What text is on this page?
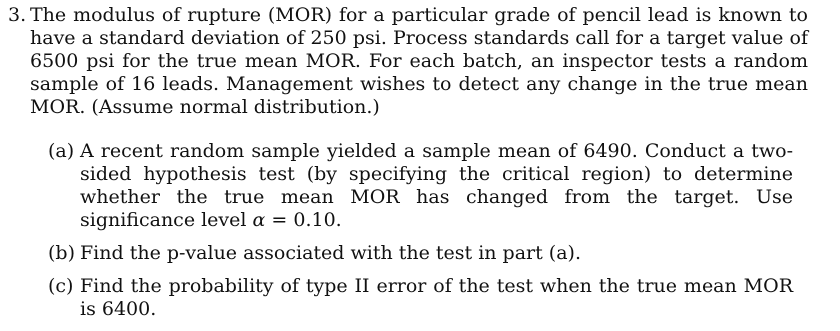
3. The modulus of rupture (MOR) for a particular grade of pencil lead is known to have a standard deviation of 250 psi. Process standards call for a target value of 6500 psi for the true mean MOR. For each batch, an inspector tests a random sample of 16 leads. Management wishes to detect any change in the true mean MOR. (Assume normal distribution.)
(a) A recent random sample yielded a sample mean of 6490. Conduct a two-sided hypothesis test (by specifying the critical region) to determine whether the true mean MOR has changed from the target. Use significance level α = 0.10.
(b) Find the p-value associated with the test in part (a).
(c) Find the probability of type II error of the test when the true mean MOR is 6400.
